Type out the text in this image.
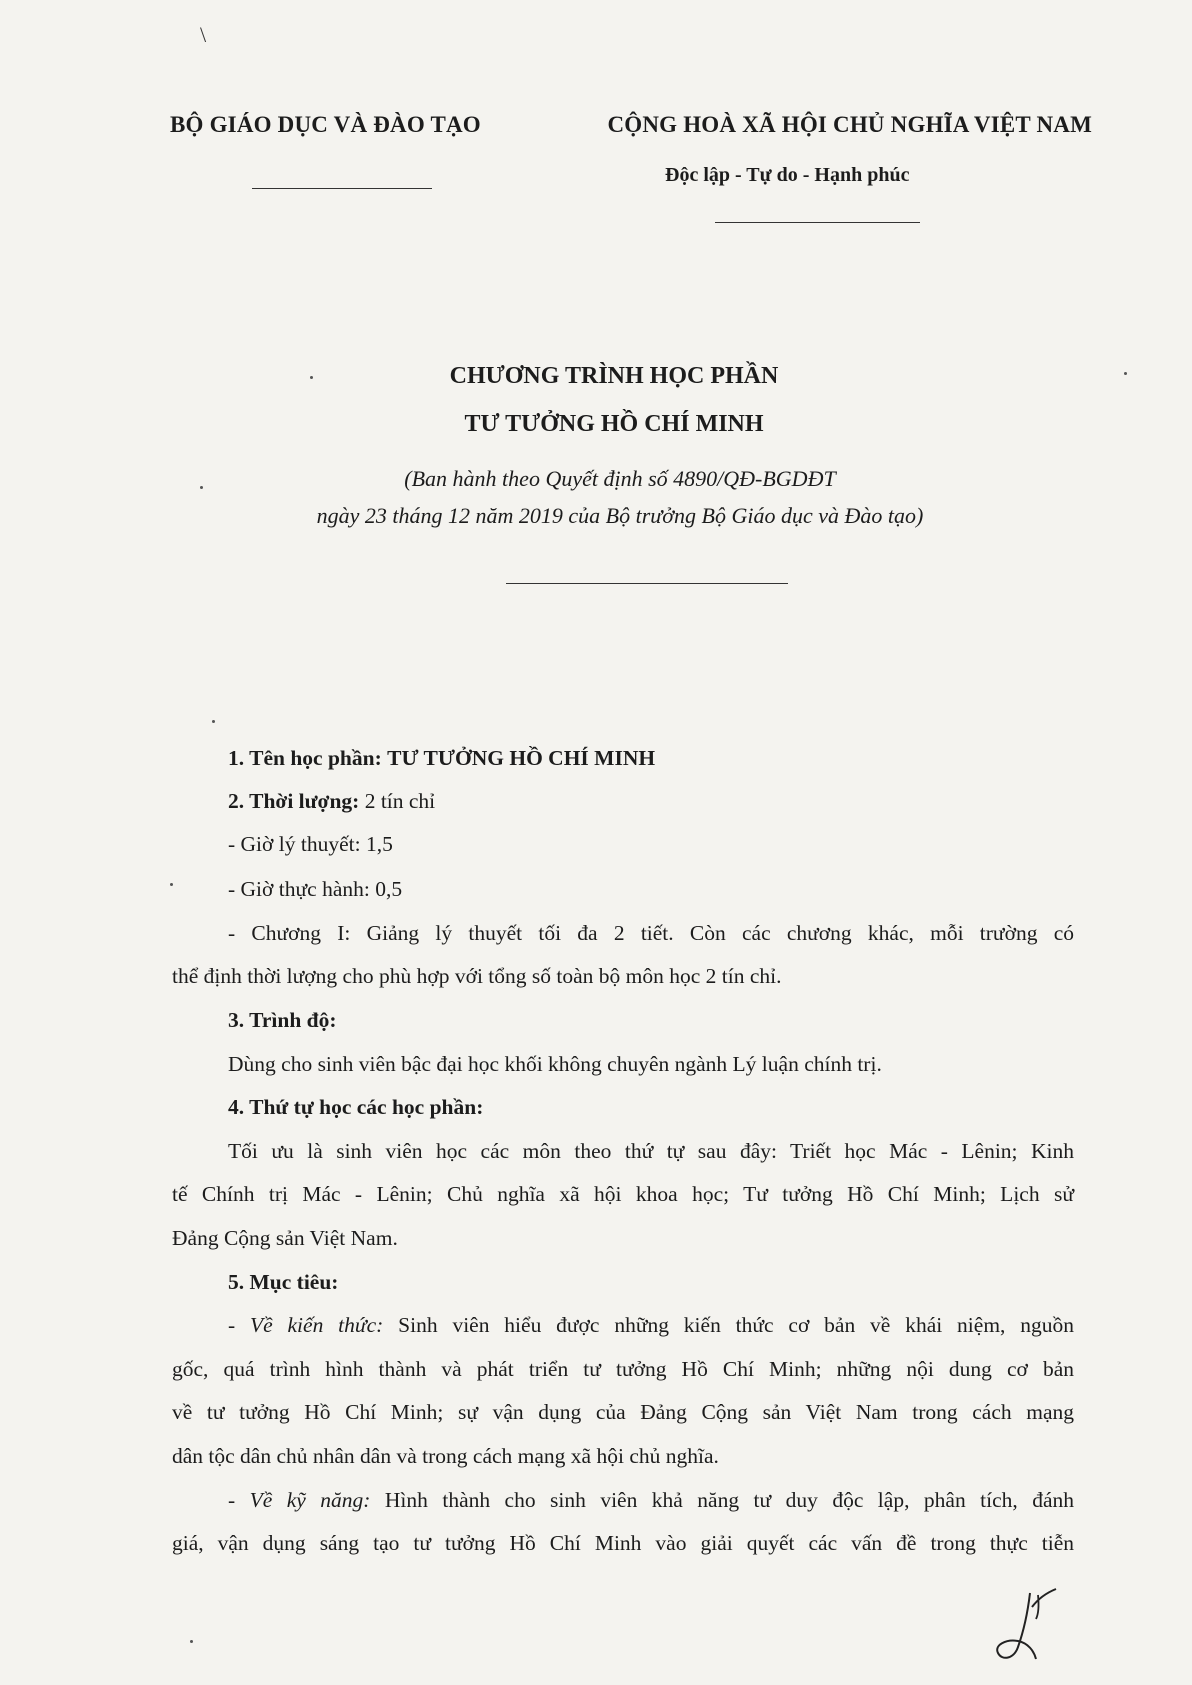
\
BỘ GIÁO DỤC VÀ ĐÀO TẠO	CỘNG HOÀ XÃ HỘI CHỦ NGHĨA VIỆT NAM
Độc lập - Tự do - Hạnh phúc
CHƯƠNG TRÌNH HỌC PHẦN
TƯ TƯỞNG HỒ CHÍ MINH
(Ban hành theo Quyết định số 4890/QĐ-BGDĐT
ngày 23 tháng 12 năm 2019 của Bộ trưởng Bộ Giáo dục và Đào tạo)
1. Tên học phần: TƯ TƯỞNG HỒ CHÍ MINH
2. Thời lượng: 2 tín chỉ
- Giờ lý thuyết: 1,5
- Giờ thực hành: 0,5
- Chương I: Giảng lý thuyết tối đa 2 tiết. Còn các chương khác, mỗi trường có
thể định thời lượng cho phù hợp với tổng số toàn bộ môn học 2 tín chỉ.
3. Trình độ:
Dùng cho sinh viên bậc đại học khối không chuyên ngành Lý luận chính trị.
4. Thứ tự học các học phần:
Tối ưu là sinh viên học các môn theo thứ tự sau đây: Triết học Mác - Lênin; Kinh
tế Chính trị Mác - Lênin; Chủ nghĩa xã hội khoa học; Tư tưởng Hồ Chí Minh; Lịch sử
Đảng Cộng sản Việt Nam.
5. Mục tiêu:
- Về kiến thức: Sinh viên hiểu được những kiến thức cơ bản về khái niệm, nguồn
gốc, quá trình hình thành và phát triển tư tưởng Hồ Chí Minh; những nội dung cơ bản
về tư tưởng Hồ Chí Minh; sự vận dụng của Đảng Cộng sản Việt Nam trong cách mạng
dân tộc dân chủ nhân dân và trong cách mạng xã hội chủ nghĩa.
- Về kỹ năng: Hình thành cho sinh viên khả năng tư duy độc lập, phân tích, đánh
giá, vận dụng sáng tạo tư tưởng Hồ Chí Minh vào giải quyết các vấn đề trong thực tiễn
